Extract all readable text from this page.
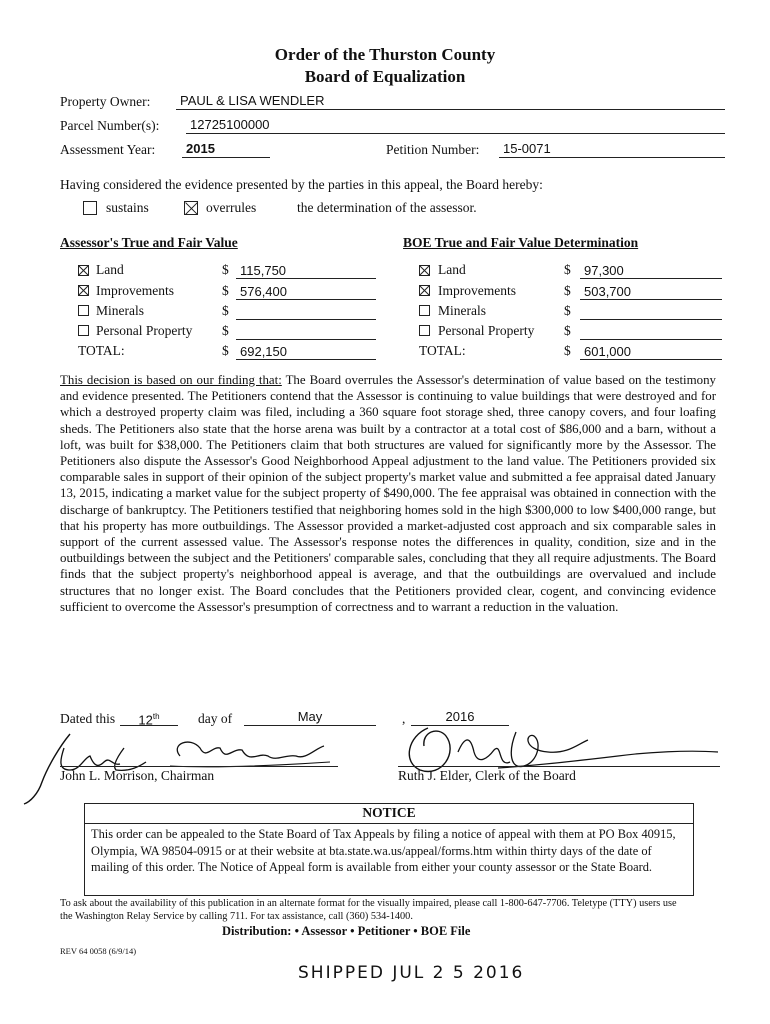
Order of the Thurston County
Board of Equalization
Property Owner:	PAUL & LISA WENDLER
Parcel Number(s):	12725100000
Assessment Year:	2015	Petition Number:	15-0071
Having considered the evidence presented by the parties in this appeal, the Board hereby:
sustains	overrules	the determination of the assessor.
Assessor's True and Fair Value	BOE True and Fair Value Determination
Land	$ 115,750
Improvements	$ 576,400
Minerals	$
Personal Property $
TOTAL:	$ 692,150
Land	$	97,300
Improvements	$	503,700
Minerals	$
Personal Property $
TOTAL:	$	601,000
This decision is based on our finding that: The Board overrules the Assessor's determination of value based on the testimony and evidence presented. The Petitioners contend that the Assessor is continuing to value buildings that were destroyed and for which a destroyed property claim was filed, including a 360 square foot storage shed, three canopy covers, and four loafing sheds. The Petitioners also state that the horse arena was built by a contractor at a total cost of $86,000 and a barn, without a loft, was built for $38,000. The Petitioners claim that both structures are valued for significantly more by the Assessor. The Petitioners also dispute the Assessor's Good Neighborhood Appeal adjustment to the land value. The Petitioners provided six comparable sales in support of their opinion of the subject property's market value and submitted a fee appraisal dated January 13, 2015, indicating a market value for the subject property of $490,000. The fee appraisal was obtained in connection with the discharge of bankruptcy. The Petitioners testified that neighboring homes sold in the high $300,000 to low $400,000 range, but that his property has more outbuildings. The Assessor provided a market-adjusted cost approach and six comparable sales in support of the current assessed value. The Assessor's response notes the differences in quality, condition, size and in the outbuildings between the subject and the Petitioners' comparable sales, concluding that they all require adjustments. The Board finds that the subject property's neighborhood appeal is average, and that the outbuildings are overvalued and include structures that no longer exist. The Board concludes that the Petitioners provided clear, cogent, and convincing evidence sufficient to overcome the Assessor's presumption of correctness and to warrant a reduction in the valuation.
Dated this	12th	day of	May	,	2016
John L. Morrison, Chairman	Ruth J. Elder, Clerk of the Board
NOTICE
This order can be appealed to the State Board of Tax Appeals by filing a notice of appeal with them at PO Box 40915, Olympia, WA 98504-0915 or at their website at bta.state.wa.us/appeal/forms.htm within thirty days of the date of mailing of this order. The Notice of Appeal form is available from either your county assessor or the State Board.
To ask about the availability of this publication in an alternate format for the visually impaired, please call 1-800-647-7706. Teletype (TTY) users use the Washington Relay Service by calling 711. For tax assistance, call (360) 534-1400.
Distribution: • Assessor • Petitioner • BOE File
REV 64 0058 (6/9/14)
SHIPPED JUL 2 5 2016
